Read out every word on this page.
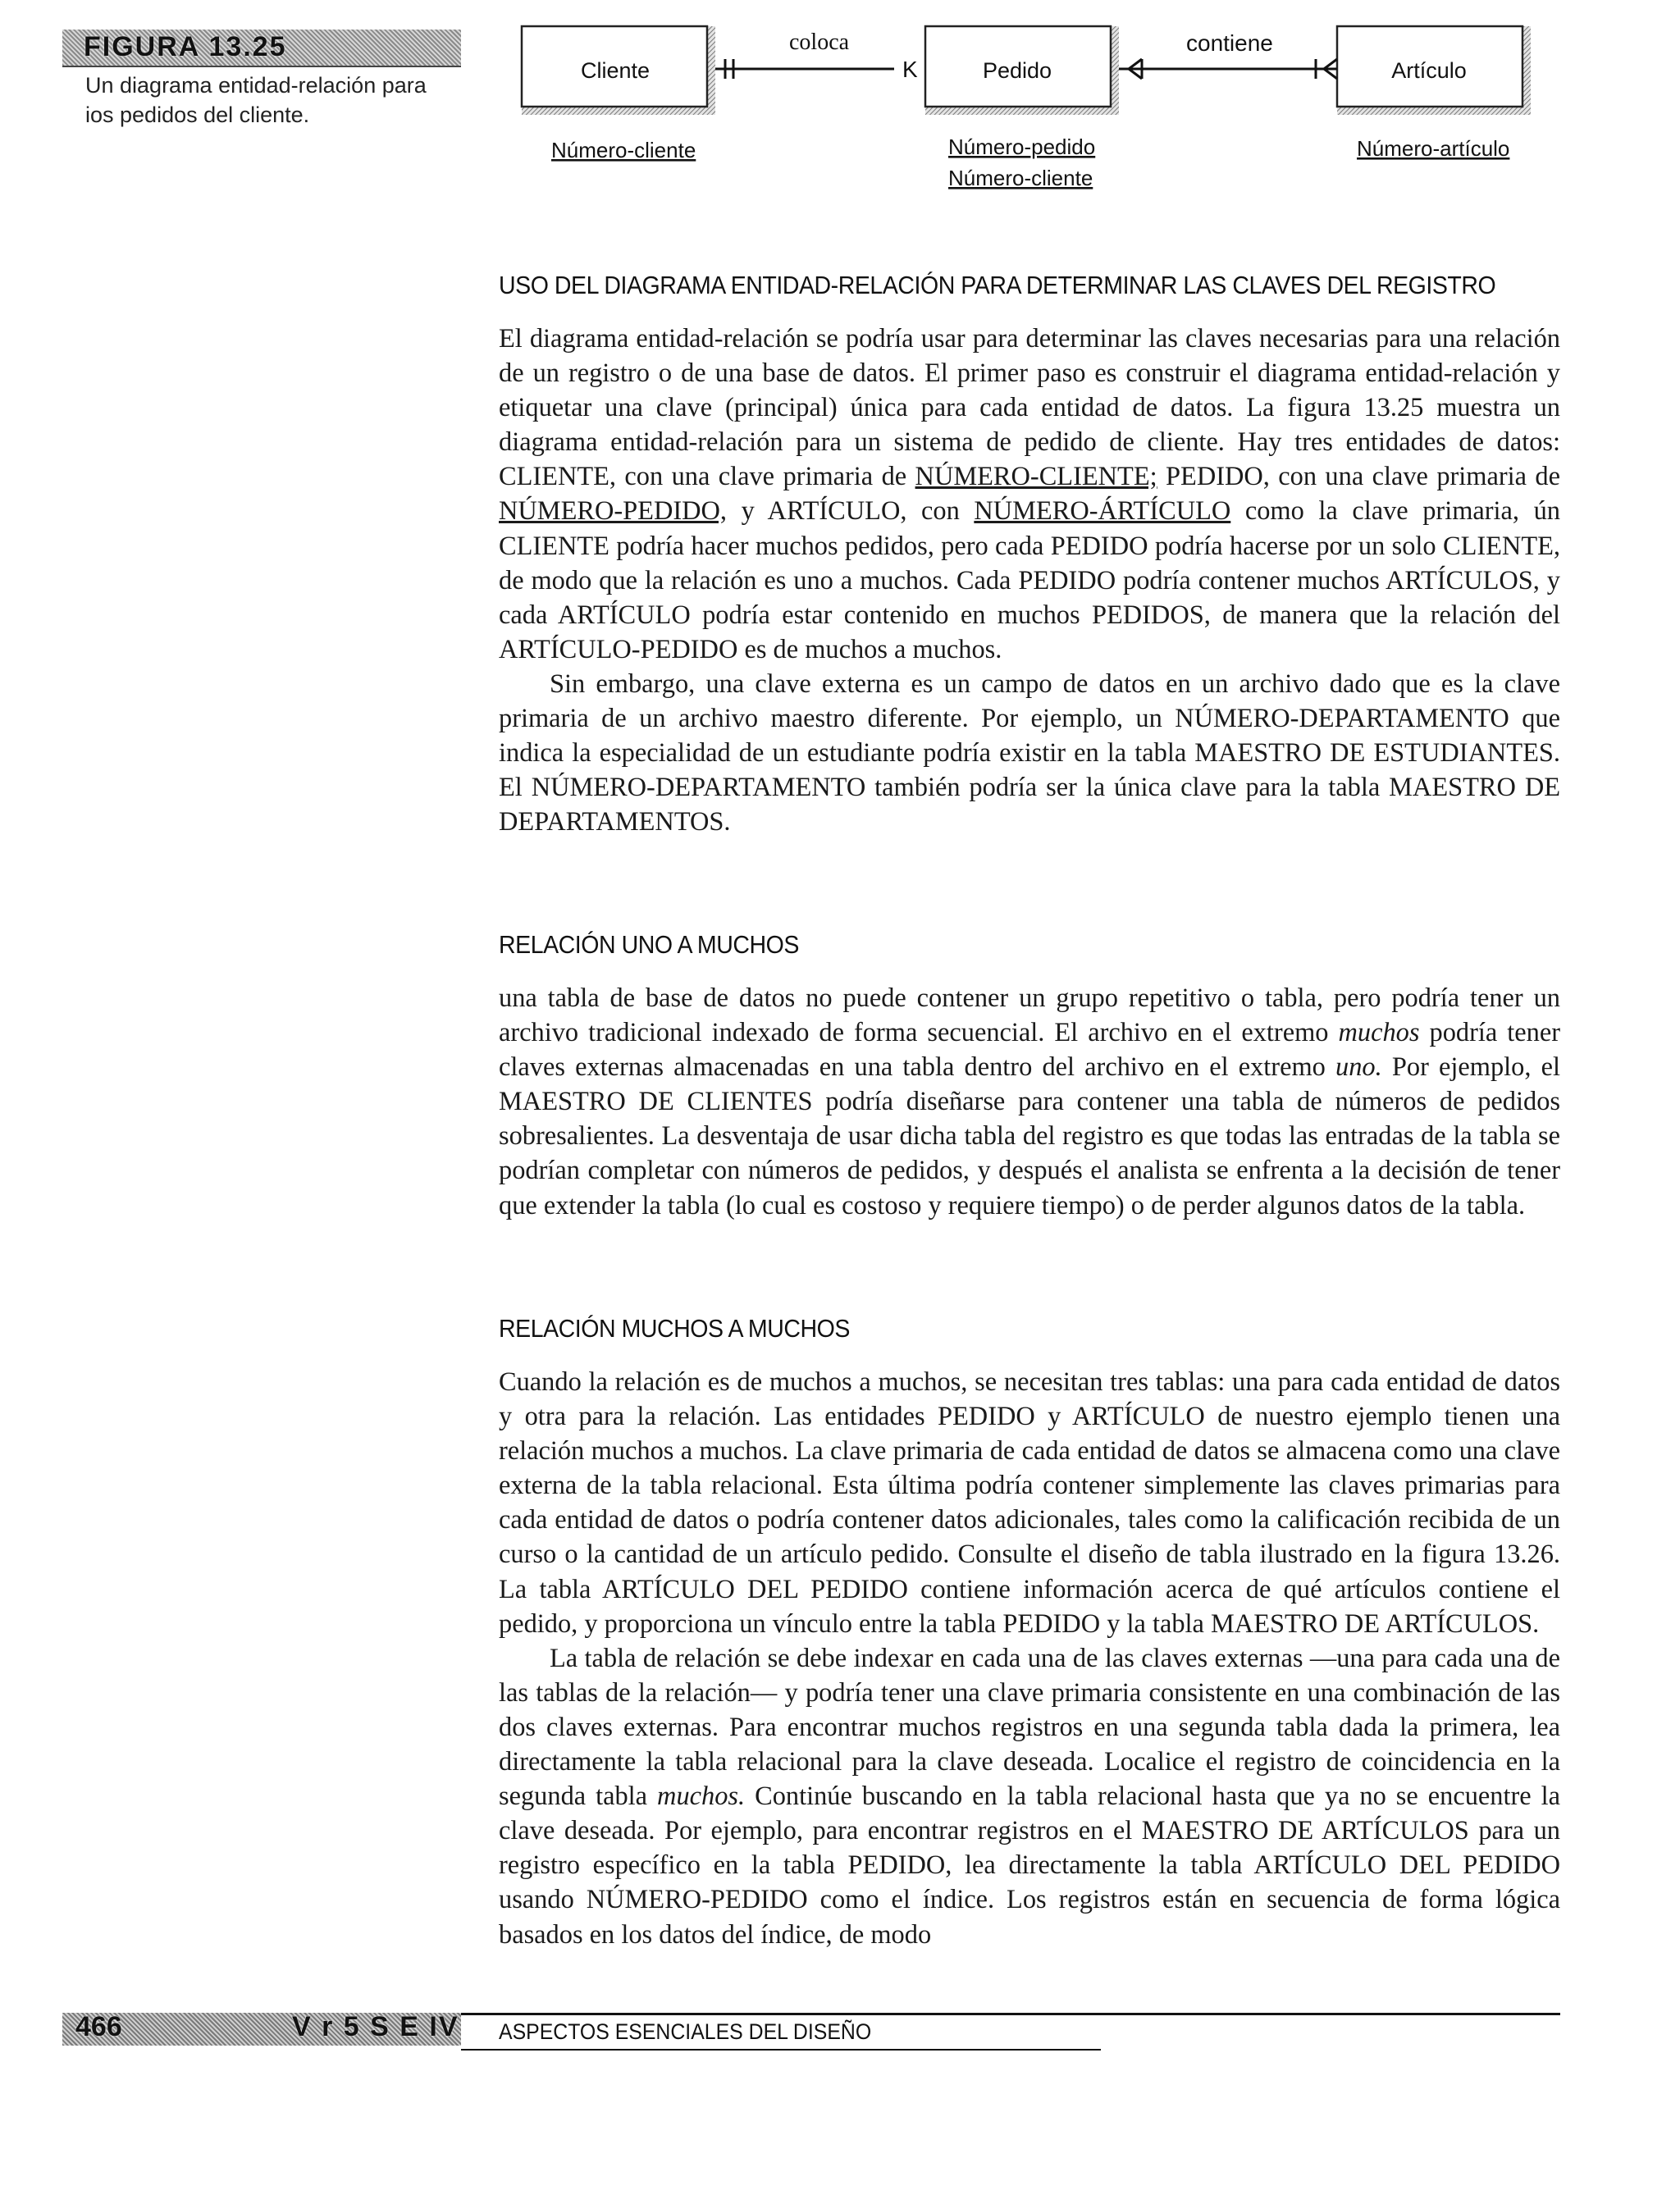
FIGURA 13.25
Un diagrama entidad-relación para ios pedidos del cliente.
Cliente	Pedido	Artículo
K
coloca	contiene
Número-cliente	Número-pedido
Número-cliente
Número-artículo
USO DEL DIAGRAMA ENTIDAD-RELACIÓN PARA DETERMINAR LAS CLAVES DEL REGISTRO

El diagrama entidad-relación se podría usar para determinar las claves necesarias para una relación de un registro o de una base de datos. El primer paso es construir el diagrama entidad-relación y etiquetar una clave (principal) única para cada entidad de datos. La figura 13.25 muestra un diagrama entidad-relación para un sistema de pedido de cliente. Hay tres entidades de datos: CLIENTE, con una clave primaria de NÚMERO-CLIENTE; PEDIDO, con una clave primaria de NÚMERO-PEDIDO, y ARTÍCULO, con NÚMERO-ÁRTÍCULO como la clave primaria, ún CLIENTE podría hacer muchos pedidos, pero cada PEDIDO podría hacerse por un solo CLIENTE, de modo que la relación es uno a muchos. Cada PEDIDO podría contener muchos ARTÍCULOS, y cada ARTÍCULO podría estar contenido en muchos PEDIDOS, de manera que la relación del ARTÍCULO-PEDIDO es de muchos a muchos.

Sin embargo, una clave externa es un campo de datos en un archivo dado que es la clave primaria de un archivo maestro diferente. Por ejemplo, un NÚMERO-DEPARTAMENTO que indica la especialidad de un estudiante podría existir en la tabla MAESTRO DE ESTUDIANTES. El NÚMERO-DEPARTAMENTO también podría ser la única clave para la tabla MAESTRO DE DEPARTAMENTOS.

RELACIÓN UNO A MUCHOS

una tabla de base de datos no puede contener un grupo repetitivo o tabla, pero podría tener un archivo tradicional indexado de forma secuencial. El archivo en el extremo muchos podría tener claves externas almacenadas en una tabla dentro del archivo en el extremo uno. Por ejemplo, el MAESTRO DE CLIENTES podría diseñarse para contener una tabla de números de pedidos sobresalientes. La desventaja de usar dicha tabla del registro es que todas las entradas de la tabla se podrían completar con números de pedidos, y después el analista se enfrenta a la decisión de tener que extender la tabla (lo cual es costoso y requiere tiempo) o de perder algunos datos de la tabla.

RELACIÓN MUCHOS A MUCHOS

Cuando la relación es de muchos a muchos, se necesitan tres tablas: una para cada entidad de datos y otra para la relación. Las entidades PEDIDO y ARTÍCULO de nuestro ejemplo tienen una relación muchos a muchos. La clave primaria de cada entidad de datos se almacena como una clave externa de la tabla relacional. Esta última podría contener simplemente las claves primarias para cada entidad de datos o podría contener datos adicionales, tales como la calificación recibida de un curso o la cantidad de un artículo pedido. Consulte el diseño de tabla ilustrado en la figura 13.26. La tabla ARTÍCULO DEL PEDIDO contiene información acerca de qué artículos contiene el pedido, y proporciona un vínculo entre la tabla PEDIDO y la tabla MAESTRO DE ARTÍCULOS.

La tabla de relación se debe indexar en cada una de las claves externas —una para cada una de las tablas de la relación— y podría tener una clave primaria consistente en una combinación de las dos claves externas. Para encontrar muchos registros en una segunda tabla dada la primera, lea directamente la tabla relacional para la clave deseada. Localice el registro de coincidencia en la segunda tabla muchos. Continúe buscando en la tabla relacional hasta que ya no se encuentre la clave deseada. Por ejemplo, para encontrar registros en el MAESTRO DE ARTÍCULOS para un registro específico en la tabla PEDIDO, lea directamente la tabla ARTÍCULO DEL PEDIDO usando NÚMERO-PEDIDO como el índice. Los registros están en secuencia de forma lógica basados en los datos del índice, de modo

466	V r 5 S E IV ASPECTOS ESENCIALES DEL DISEÑO
